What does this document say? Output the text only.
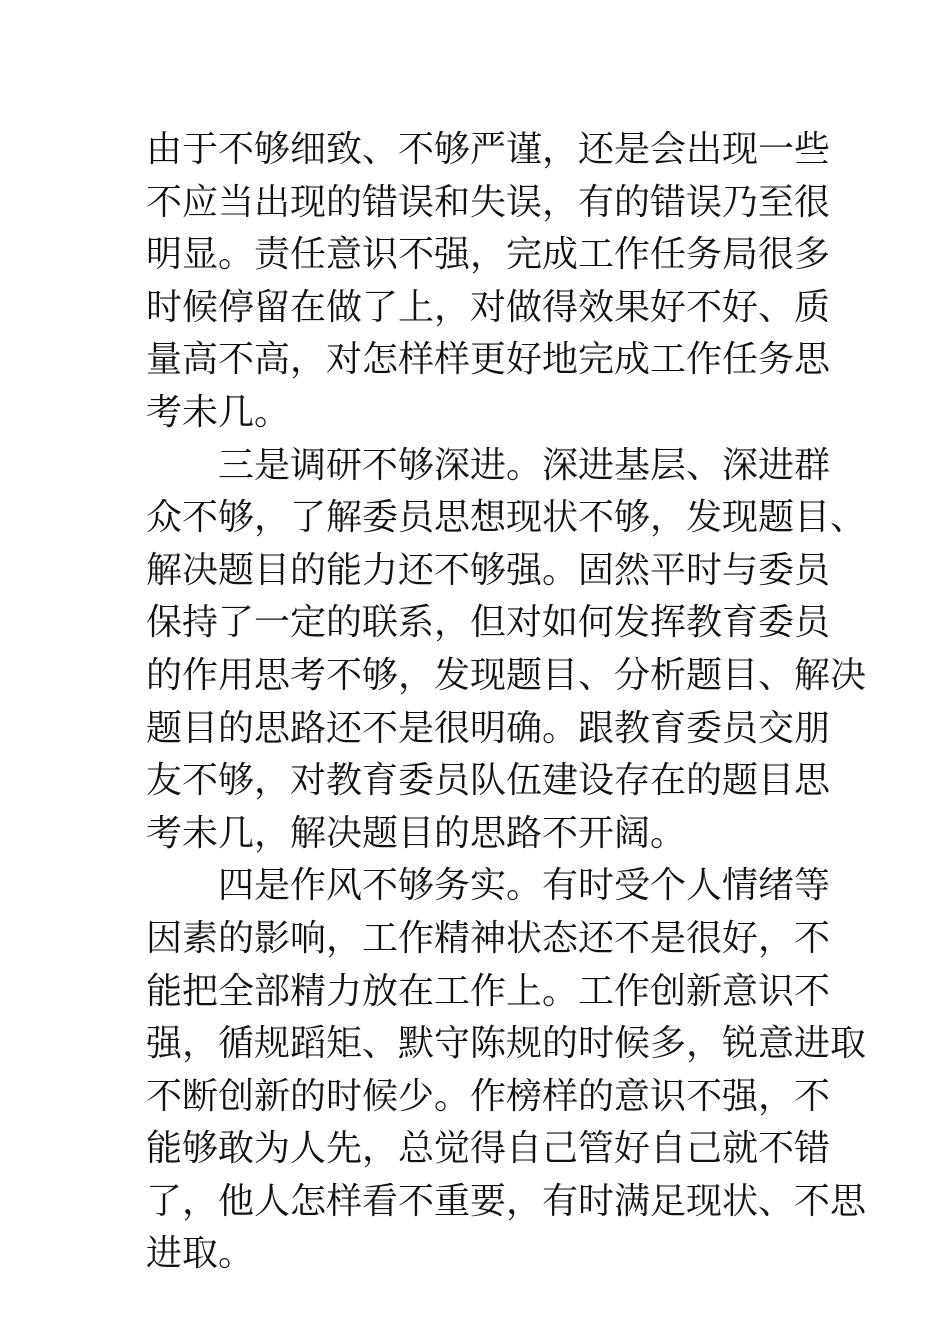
由于不够细致、不够严谨，还是会出现一些
不应当出现的错误和失误，有的错误乃至很
明显。责任意识不强，完成工作任务局很多
时候停留在做了上，对做得效果好不好、质
量高不高，对怎样样更好地完成工作任务思
考未几。
三是调研不够深进。深进基层、深进群
众不够，了解委员思想现状不够，发现题目、
解决题目的能力还不够强。固然平时与委员
保持了一定的联系，但对如何发挥教育委员
的作用思考不够，发现题目、分析题目、解决
题目的思路还不是很明确。跟教育委员交朋
友不够，对教育委员队伍建设存在的题目思
考未几，解决题目的思路不开阔。
四是作风不够务实。有时受个人情绪等
因素的影响，工作精神状态还不是很好，不
能把全部精力放在工作上。工作创新意识不
强，循规蹈矩、默守陈规的时候多，锐意进取
不断创新的时候少。作榜样的意识不强，不
能够敢为人先，总觉得自己管好自己就不错
了，他人怎样看不重要，有时满足现状、不思
进取。
